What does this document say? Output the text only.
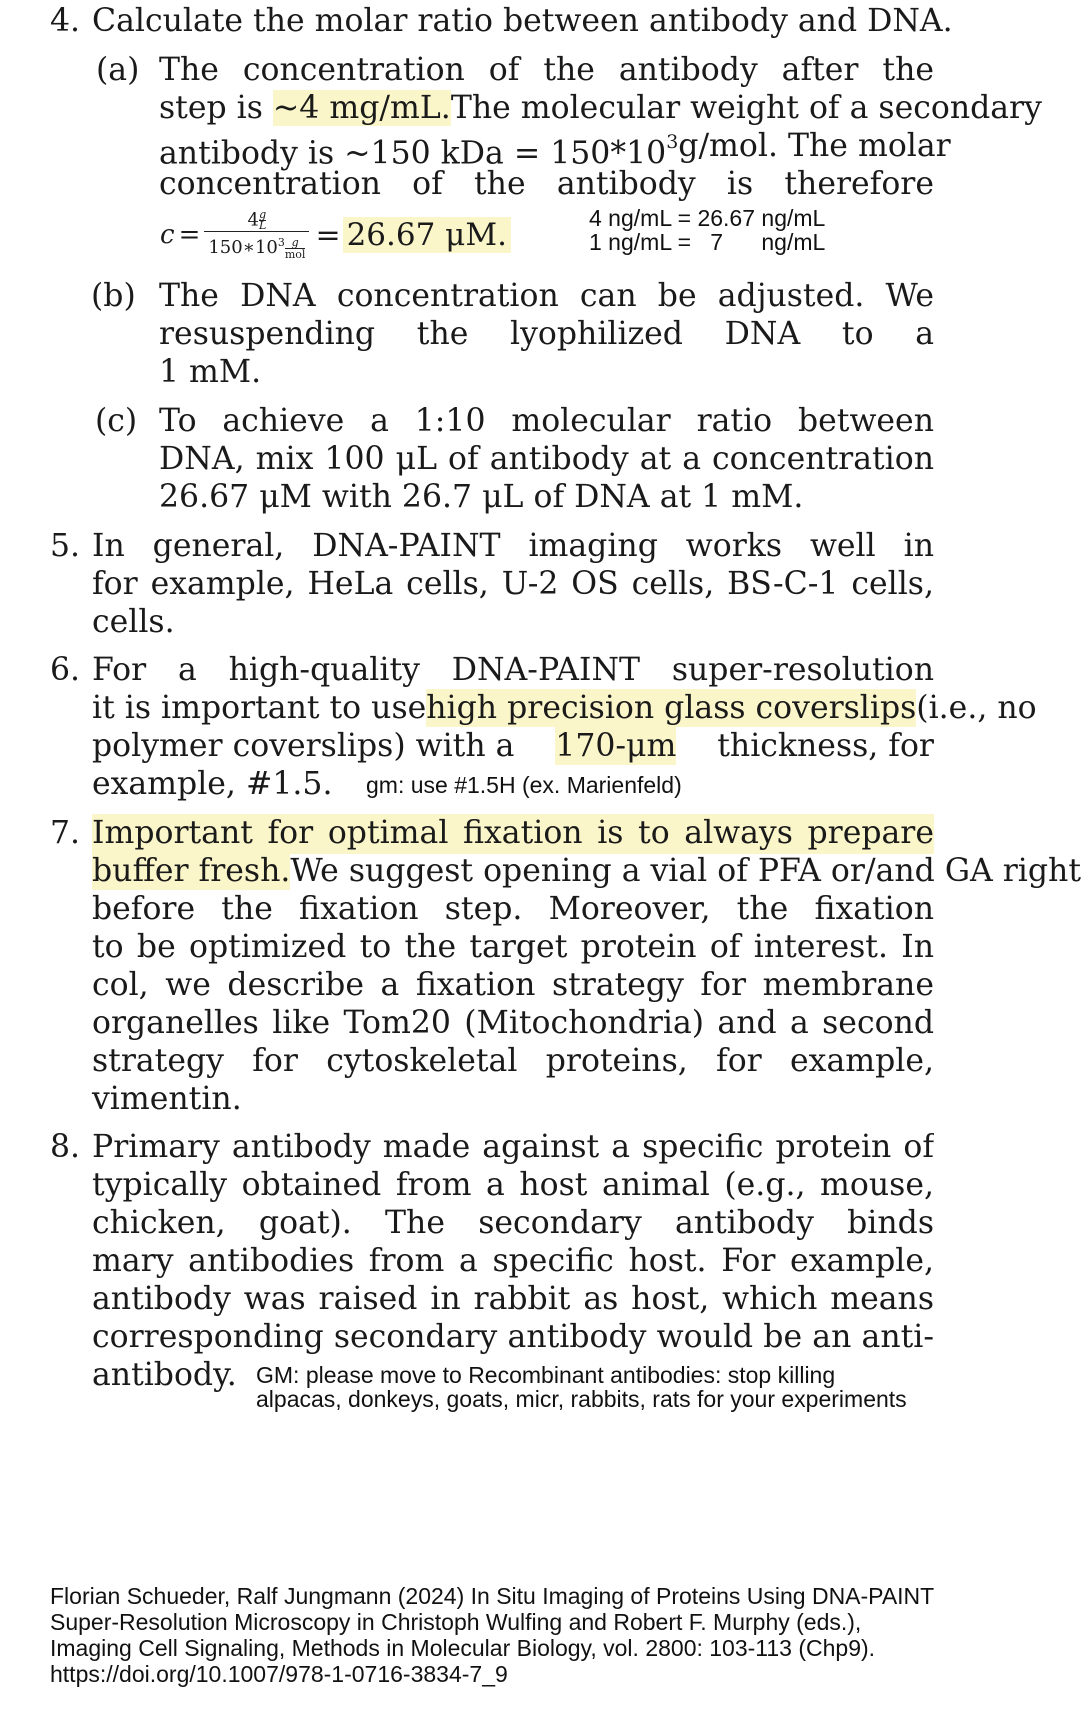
4. Calculate the molar ratio between antibody and DNA.
(a) The concentration of the antibody after the
step is ~4 mg/mL. The molecular weight of a secondary
antibody is ~150 kDa = $150*10^3$ g/mol. The molar
concentration of the antibody is therefore
$c = 4 \frac{g}{L}$
$150∗10^3$ g
mol = 26.67 μM.	4 ng/mL = 26.67 ng/mL
1 ng/mL =   7      ng/mL
(b) The DNA concentration can be adjusted. We
resuspending the lyophilized DNA to a
1 mM.
(c) To achieve a 1:10 molecular ratio between
DNA, mix 100 μL of antibody at a concentration
26.67 μM with 26.7 μL of DNA at 1 mM.
5. In general, DNA-PAINT imaging works well in
for example, HeLa cells, U-2 OS cells, BS-C-1 cells,
cells.
6. For a high-quality DNA-PAINT super-resolution
it is important to use high precision glass coverslips (i.e., no
polymer coverslips) with a 170-μm thickness, for
example, #1.5. gm: use #1.5H (ex. Marienfeld)
7. Important for optimal fixation is to always prepare
buffer fresh. We suggest opening a vial of PFA or/and GA right
before the fixation step. Moreover, the fixation
to be optimized to the target protein of interest. In
col, we describe a fixation strategy for membrane
organelles like Tom20 (Mitochondria) and a second
strategy for cytoskeletal proteins, for example,
vimentin.
8. Primary antibody made against a specific protein of
typically obtained from a host animal (e.g., mouse,
chicken, goat). The secondary antibody binds
mary antibodies from a specific host. For example,
antibody was raised in rabbit as host, which means
corresponding secondary antibody would be an anti-
antibody. GM: please move to Recombinant antibodies: stop killing
alpacas, donkeys, goats, micr, rabbits, rats for your experiments
Florian Schueder, Ralf Jungmann (2024) In Situ Imaging of Proteins Using DNA-PAINT
Super-Resolution Microscopy in Christoph Wulfing and Robert F. Murphy (eds.),
Imaging Cell Signaling, Methods in Molecular Biology, vol. 2800: 103-113 (Chp9).
https://doi.org/10.1007/978-1-0716-3834-7_9
